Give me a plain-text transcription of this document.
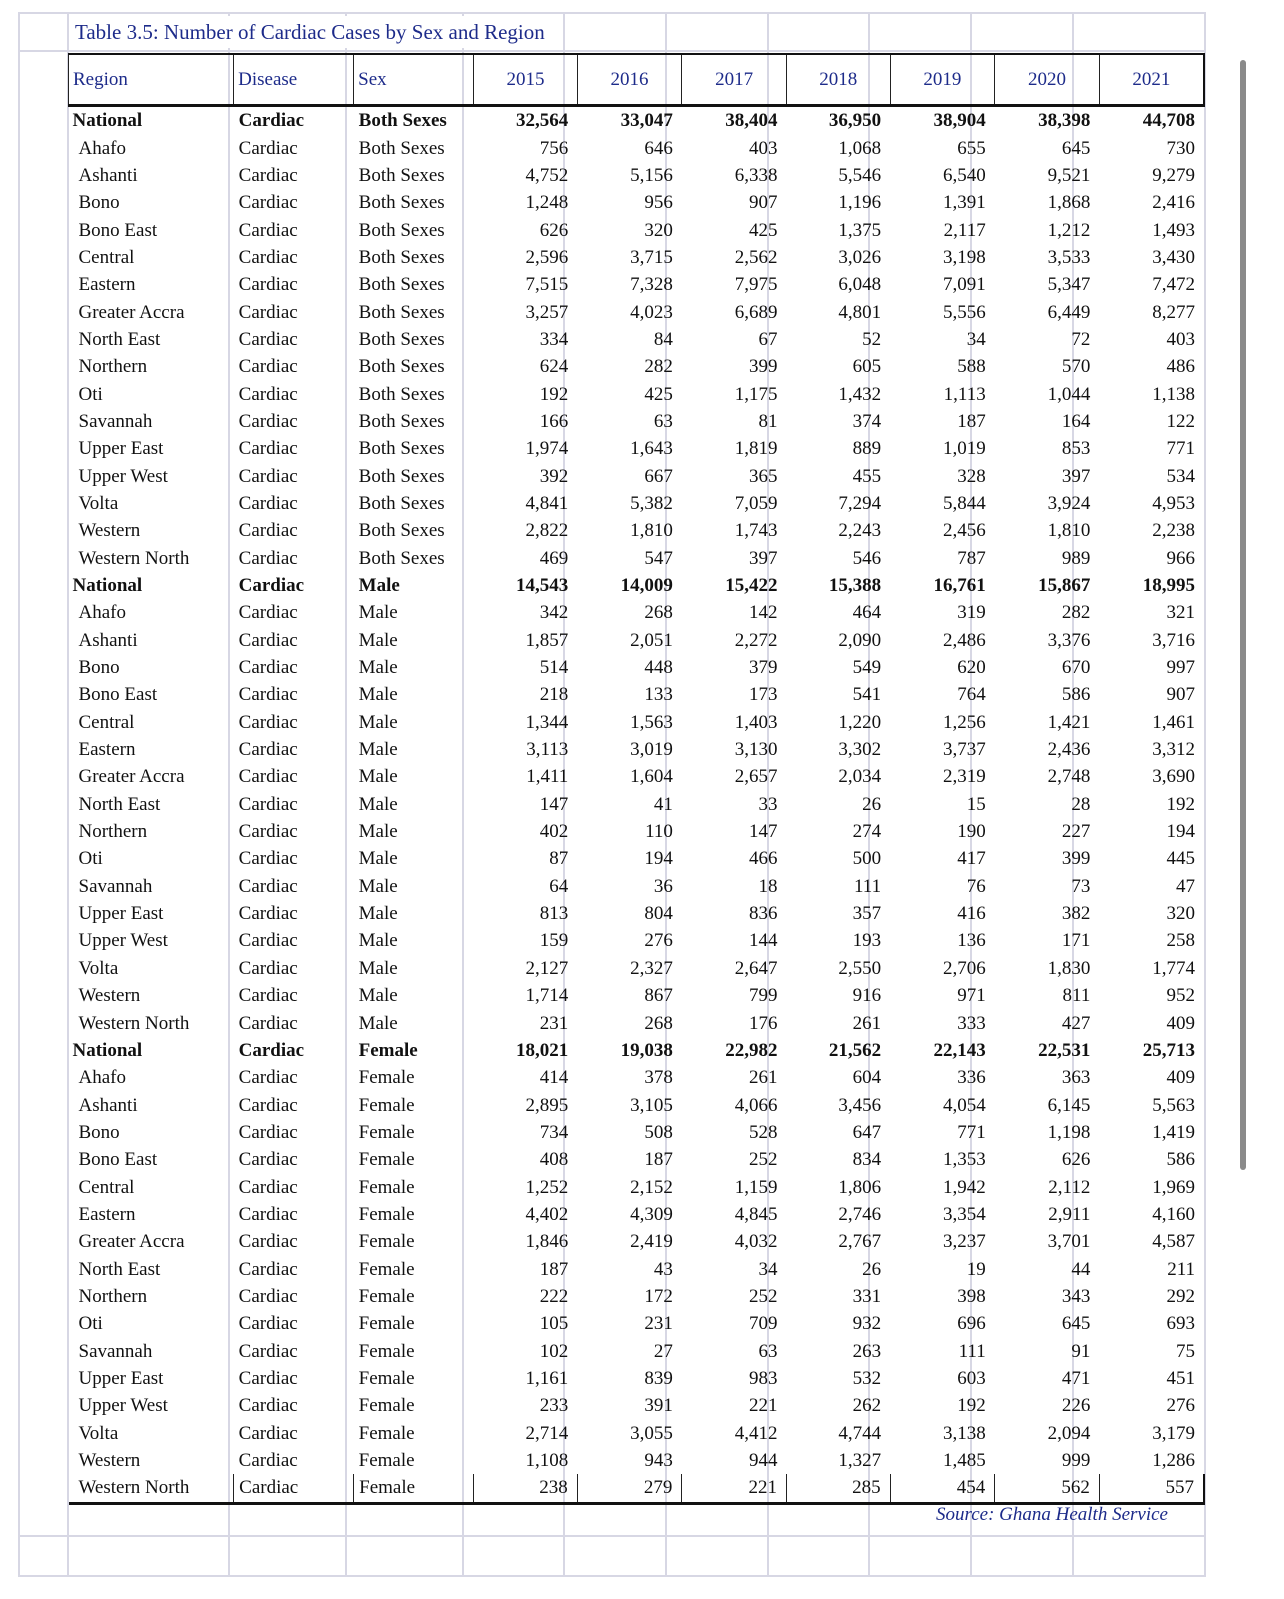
Table 3.5: Number of Cardiac Cases by Sex and Region
Region	Disease	Sex	2015	2016	2017	2018	2019	2020	2021
National	Cardiac	Both Sexes	32,564	33,047	38,404	36,950	38,904	38,398	44,708
Ahafo	Cardiac	Both Sexes	756	646	403	1,068	655	645	730
Ashanti	Cardiac	Both Sexes	4,752	5,156	6,338	5,546	6,540	9,521	9,279
Bono	Cardiac	Both Sexes	1,248	956	907	1,196	1,391	1,868	2,416
Bono East	Cardiac	Both Sexes	626	320	425	1,375	2,117	1,212	1,493
Central	Cardiac	Both Sexes	2,596	3,715	2,562	3,026	3,198	3,533	3,430
Eastern	Cardiac	Both Sexes	7,515	7,328	7,975	6,048	7,091	5,347	7,472
Greater Accra	Cardiac	Both Sexes	3,257	4,023	6,689	4,801	5,556	6,449	8,277
North East	Cardiac	Both Sexes	334	84	67	52	34	72	403
Northern	Cardiac	Both Sexes	624	282	399	605	588	570	486
Oti	Cardiac	Both Sexes	192	425	1,175	1,432	1,113	1,044	1,138
Savannah	Cardiac	Both Sexes	166	63	81	374	187	164	122
Upper East	Cardiac	Both Sexes	1,974	1,643	1,819	889	1,019	853	771
Upper West	Cardiac	Both Sexes	392	667	365	455	328	397	534
Volta	Cardiac	Both Sexes	4,841	5,382	7,059	7,294	5,844	3,924	4,953
Western	Cardiac	Both Sexes	2,822	1,810	1,743	2,243	2,456	1,810	2,238
Western North	Cardiac	Both Sexes	469	547	397	546	787	989	966
National	Cardiac	Male	14,543	14,009	15,422	15,388	16,761	15,867	18,995
Ahafo	Cardiac	Male	342	268	142	464	319	282	321
Ashanti	Cardiac	Male	1,857	2,051	2,272	2,090	2,486	3,376	3,716
Bono	Cardiac	Male	514	448	379	549	620	670	997
Bono East	Cardiac	Male	218	133	173	541	764	586	907
Central	Cardiac	Male	1,344	1,563	1,403	1,220	1,256	1,421	1,461
Eastern	Cardiac	Male	3,113	3,019	3,130	3,302	3,737	2,436	3,312
Greater Accra	Cardiac	Male	1,411	1,604	2,657	2,034	2,319	2,748	3,690
North East	Cardiac	Male	147	41	33	26	15	28	192
Northern	Cardiac	Male	402	110	147	274	190	227	194
Oti	Cardiac	Male	87	194	466	500	417	399	445
Savannah	Cardiac	Male	64	36	18	111	76	73	47
Upper East	Cardiac	Male	813	804	836	357	416	382	320
Upper West	Cardiac	Male	159	276	144	193	136	171	258
Volta	Cardiac	Male	2,127	2,327	2,647	2,550	2,706	1,830	1,774
Western	Cardiac	Male	1,714	867	799	916	971	811	952
Western North	Cardiac	Male	231	268	176	261	333	427	409
National	Cardiac	Female	18,021	19,038	22,982	21,562	22,143	22,531	25,713
Ahafo	Cardiac	Female	414	378	261	604	336	363	409
Ashanti	Cardiac	Female	2,895	3,105	4,066	3,456	4,054	6,145	5,563
Bono	Cardiac	Female	734	508	528	647	771	1,198	1,419
Bono East	Cardiac	Female	408	187	252	834	1,353	626	586
Central	Cardiac	Female	1,252	2,152	1,159	1,806	1,942	2,112	1,969
Eastern	Cardiac	Female	4,402	4,309	4,845	2,746	3,354	2,911	4,160
Greater Accra	Cardiac	Female	1,846	2,419	4,032	2,767	3,237	3,701	4,587
North East	Cardiac	Female	187	43	34	26	19	44	211
Northern	Cardiac	Female	222	172	252	331	398	343	292
Oti	Cardiac	Female	105	231	709	932	696	645	693
Savannah	Cardiac	Female	102	27	63	263	111	91	75
Upper East	Cardiac	Female	1,161	839	983	532	603	471	451
Upper West	Cardiac	Female	233	391	221	262	192	226	276
Volta	Cardiac	Female	2,714	3,055	4,412	4,744	3,138	2,094	3,179
Western	Cardiac	Female	1,108	943	944	1,327	1,485	999	1,286
Western North	Cardiac	Female	238	279	221	285	454	562	557
Source: Ghana Health Service
